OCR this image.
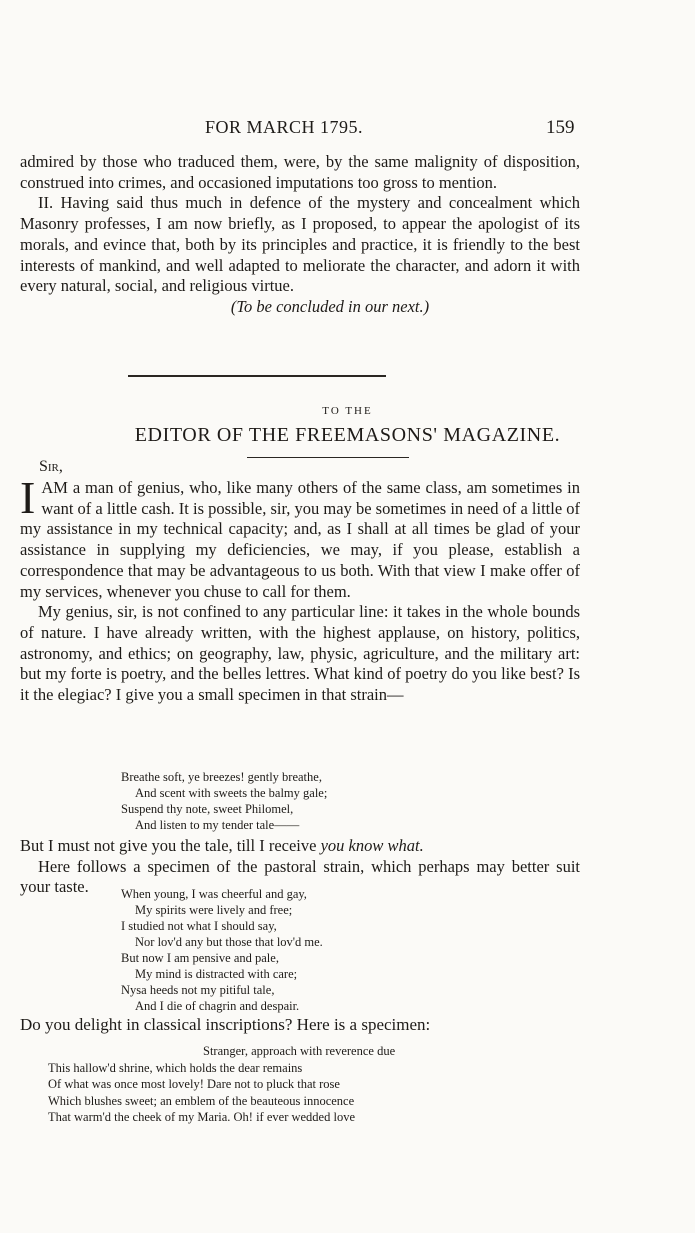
FOR MARCH 1795.	159

admired by those who traduced them, were, by the same malignity of disposition, construed into crimes, and occasioned imputations too gross to mention.

II. Having said thus much in defence of the mystery and concealment which Masonry professes, I am now briefly, as I proposed, to appear the apologist of its morals, and evince that, both by its principles and practice, it is friendly to the best interests of mankind, and well adapted to meliorate the character, and adorn it with every natural, social, and religious virtue.

(To be concluded in our next.)

TO THE
EDITOR OF THE FREEMASONS' MAGAZINE.
Sir,

IAM a man of genius, who, like many others of the same class, am sometimes in want of a little cash. It is possible, sir, you may be sometimes in need of a little of my assistance in my technical capacity; and, as I shall at all times be glad of your assistance in supplying my deficiencies, we may, if you please, establish a correspondence that may be advantageous to us both. With that view I make offer of my services, whenever you chuse to call for them.

My genius, sir, is not confined to any particular line: it takes in the whole bounds of nature. I have already written, with the highest applause, on history, politics, astronomy, and ethics; on geography, law, physic, agriculture, and the military art: but my forte is poetry, and the belles lettres. What kind of poetry do you like best? Is it the elegiac? I give you a small specimen in that strain—

Breathe soft, ye breezes! gently breathe,
And scent with sweets the balmy gale;
Suspend thy note, sweet Philomel,
And listen to my tender tale——

But I must not give you the tale, till I receive you know what.

Here follows a specimen of the pastoral strain, which perhaps may better suit your taste.	When young, I was cheerful and gay,
My spirits were lively and free;
I studied not what I should say,
Nor lov'd any but those that lov'd me.
But now I am pensive and pale,
My mind is distracted with care;
Nysa heeds not my pitiful tale,
And I die of chagrin and despair.
Do you delight in classical inscriptions? Here is a specimen:
Stranger, approach with reverence due
This hallow'd shrine, which holds the dear remains
Of what was once most lovely! Dare not to pluck that rose
Which blushes sweet; an emblem of the beauteous innocence
That warm'd the cheek of my Maria. Oh! if ever wedded love
